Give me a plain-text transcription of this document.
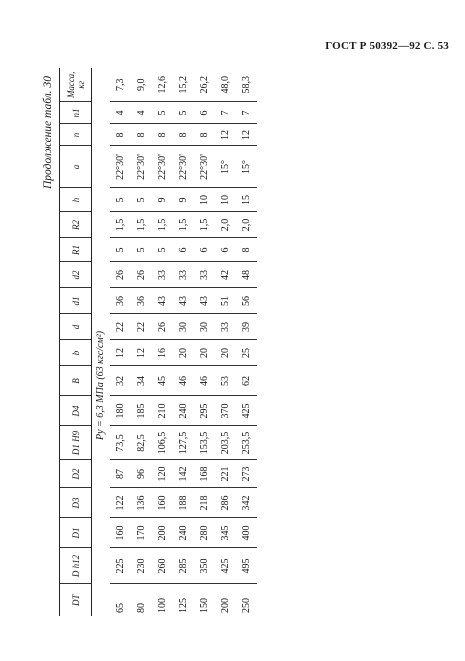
ГОСТ Р 50392—92 С. 53
Продолжение табл. 30
DT	D h12	D1	D3	D2	D1 H9	D4	B	b	d	d1	d2	R1	R2	h	a	n	n1	Масса, кг
Pу = 6,3 МПа (63 кгс/см²)																		
65	225	160	122	87	73,5	180	32	12	22	36	26	5	1,5	5	22°30'	8	4	7,3
80	230	170	136	96	82,5	185	34	12	22	36	26	5	1,5	5	22°30'	8	4	9,0
100	260	200	160	120	106,5	210	45	16	26	43	33	5	1,5	9	22°30'	8	5	12,6
125	285	240	188	142	127,5	240	46	20	30	43	33	6	1,5	9	22°30'	8	5	15,2
150	350	280	218	168	153,5	295	46	20	30	43	33	6	1,5	10	22°30'	8	6	26,2
200	425	345	286	221	203,5	370	53	20	33	51	42	6	2,0	10	15°	12	7	48,0
250	495	400	342	273	253,5	425	62	25	39	56	48	8	2,0	15	15°	12	7	58,3
